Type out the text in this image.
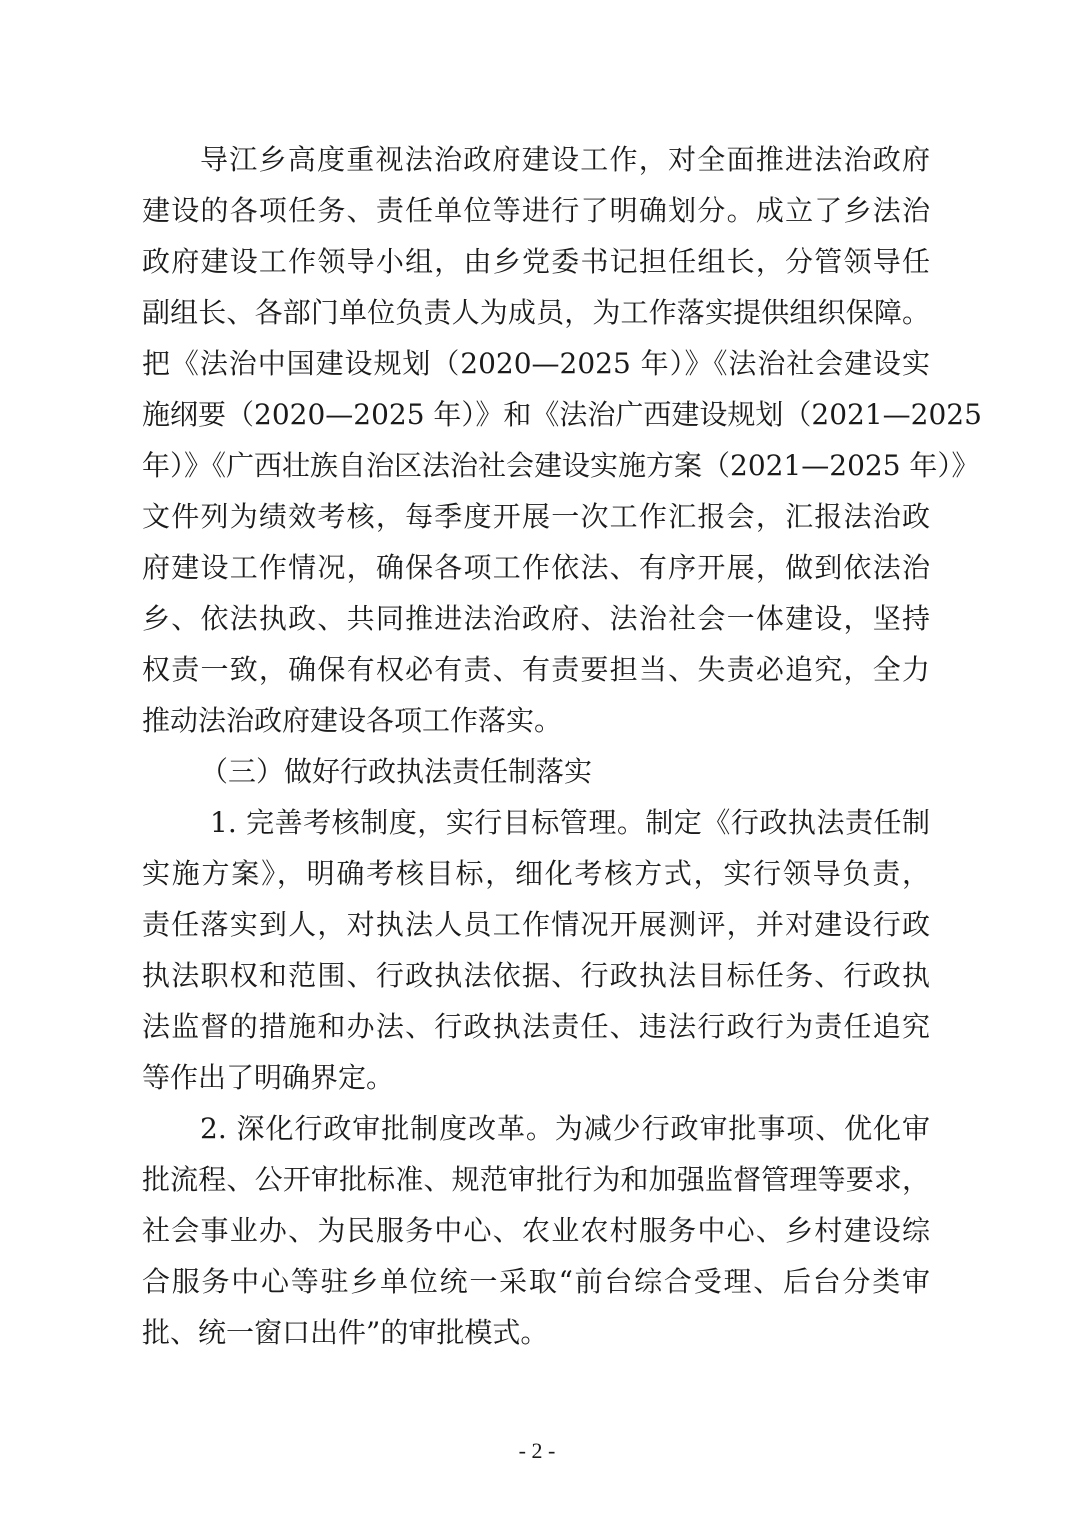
导江乡高度重视法治政府建设工作，对全面推进法治政府
建设的各项任务、责任单位等进行了明确划分。成立了乡法治
政府建设工作领导小组，由乡党委书记担任组长，分管领导任
副组长、各部门单位负责人为成员，为工作落实提供组织保障。
把《法治中国建设规划（2020—2025 年）》《法治社会建设实
施纲要（2020—2025 年）》和《法治广西建设规划（2021—2025
年）》《广西壮族自治区法治社会建设实施方案（2021—2025 年）》
文件列为绩效考核，每季度开展一次工作汇报会，汇报法治政
府建设工作情况，确保各项工作依法、有序开展，做到依法治
乡、依法执政、共同推进法治政府、法治社会一体建设，坚持
权责一致，确保有权必有责、有责要担当、失责必追究，全力
推动法治政府建设各项工作落实。
（三）做好行政执法责任制落实
1. 完善考核制度，实行目标管理。制定《行政执法责任制
实施方案》，明确考核目标，细化考核方式，实行领导负责，
责任落实到人，对执法人员工作情况开展测评，并对建设行政
执法职权和范围、行政执法依据、行政执法目标任务、行政执
法监督的措施和办法、行政执法责任、违法行政行为责任追究
等作出了明确界定。
2. 深化行政审批制度改革。为减少行政审批事项、优化审
批流程、公开审批标准、规范审批行为和加强监督管理等要求，
社会事业办、为民服务中心、农业农村服务中心、乡村建设综
合服务中心等驻乡单位统一采取“前台综合受理、后台分类审
批、统一窗口出件”的审批模式。
- 2 -
